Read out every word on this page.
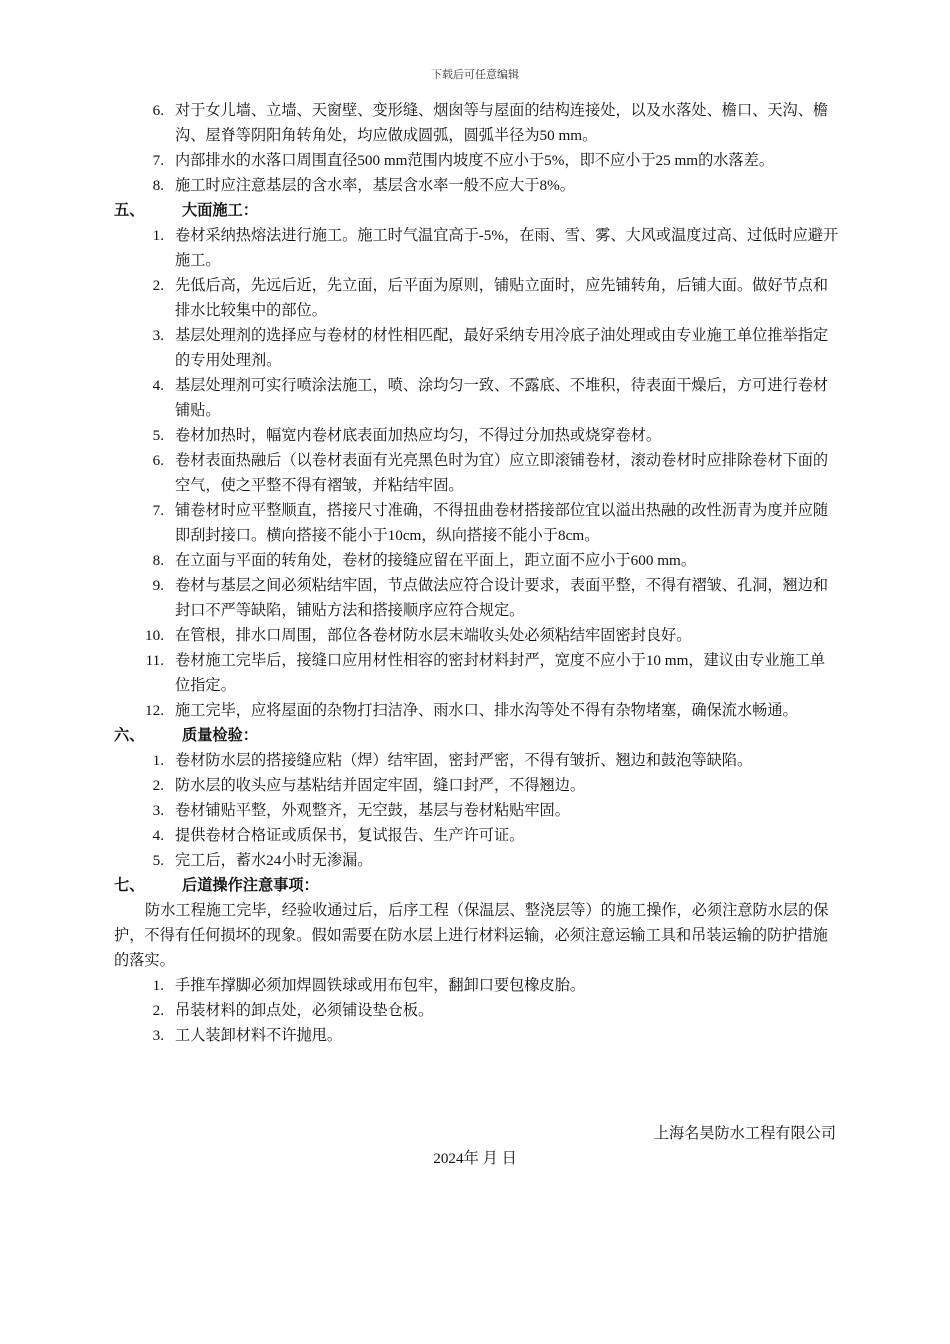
下载后可任意编辑
6. 对于女儿墙、立墙、天窗壁、变形缝、烟囱等与屋面的结构连接处，以及水落处、檐口、天沟、檐沟、屋脊等阴阳角转角处，均应做成圆弧，圆弧半径为50 mm。
7. 内部排水的水落口周围直径500 mm范围内坡度不应小于5%，即不应小于25 mm的水落差。
8. 施工时应注意基层的含水率，基层含水率一般不应大于8%。
五、 大面施工：
1. 卷材采纳热熔法进行施工。施工时气温宜高于-5%，在雨、雪、雾、大风或温度过高、过低时应避开施工。
2. 先低后高，先远后近，先立面，后平面为原则，铺贴立面时，应先铺转角，后铺大面。做好节点和排水比较集中的部位。
3. 基层处理剂的选择应与卷材的材性相匹配，最好采纳专用冷底子油处理或由专业施工单位推举指定的专用处理剂。
4. 基层处理剂可实行喷涂法施工，喷、涂均匀一致、不露底、不堆积，待表面干燥后，方可进行卷材铺贴。
5. 卷材加热时，幅宽内卷材底表面加热应均匀，不得过分加热或烧穿卷材。
6. 卷材表面热融后（以卷材表面有光亮黑色时为宜）应立即滚铺卷材，滚动卷材时应排除卷材下面的空气，使之平整不得有褶皱，并粘结牢固。
7. 铺卷材时应平整顺直，搭接尺寸准确，不得扭曲卷材搭接部位宜以溢出热融的改性沥青为度并应随即刮封接口。横向搭接不能小于10cm，纵向搭接不能小于8cm。
8. 在立面与平面的转角处，卷材的接缝应留在平面上，距立面不应小于600 mm。
9. 卷材与基层之间必须粘结牢固，节点做法应符合设计要求，表面平整，不得有褶皱、孔洞，翘边和封口不严等缺陷，铺贴方法和搭接顺序应符合规定。
10. 在管根，排水口周围，部位各卷材防水层末端收头处必须粘结牢固密封良好。
11. 卷材施工完毕后，接缝口应用材性相容的密封材料封严，宽度不应小于10 mm，建议由专业施工单位指定。
12. 施工完毕，应将屋面的杂物打扫洁净、雨水口、排水沟等处不得有杂物堵塞，确保流水畅通。
六、 质量检验：
1. 卷材防水层的搭接缝应粘（焊）结牢固，密封严密，不得有皱折、翘边和鼓泡等缺陷。
2. 防水层的收头应与基粘结并固定牢固，缝口封严，不得翘边。
3. 卷材铺贴平整，外观整齐，无空鼓，基层与卷材粘贴牢固。
4. 提供卷材合格证或质保书，复试报告、生产许可证。
5. 完工后，蓄水24小时无渗漏。
七、 后道操作注意事项：
防水工程施工完毕，经验收通过后，后序工程（保温层、整浇层等）的施工操作，必须注意防水层的保护，不得有任何损坏的现象。假如需要在防水层上进行材料运输，必须注意运输工具和吊装运输的防护措施的落实。
1. 手推车撑脚必须加焊圆铁球或用布包牢，翻卸口要包橡皮胎。
2. 吊装材料的卸点处，必须铺设垫仓板。
3. 工人装卸材料不许抛甩。
上海名昊防水工程有限公司
2024年 月 日
